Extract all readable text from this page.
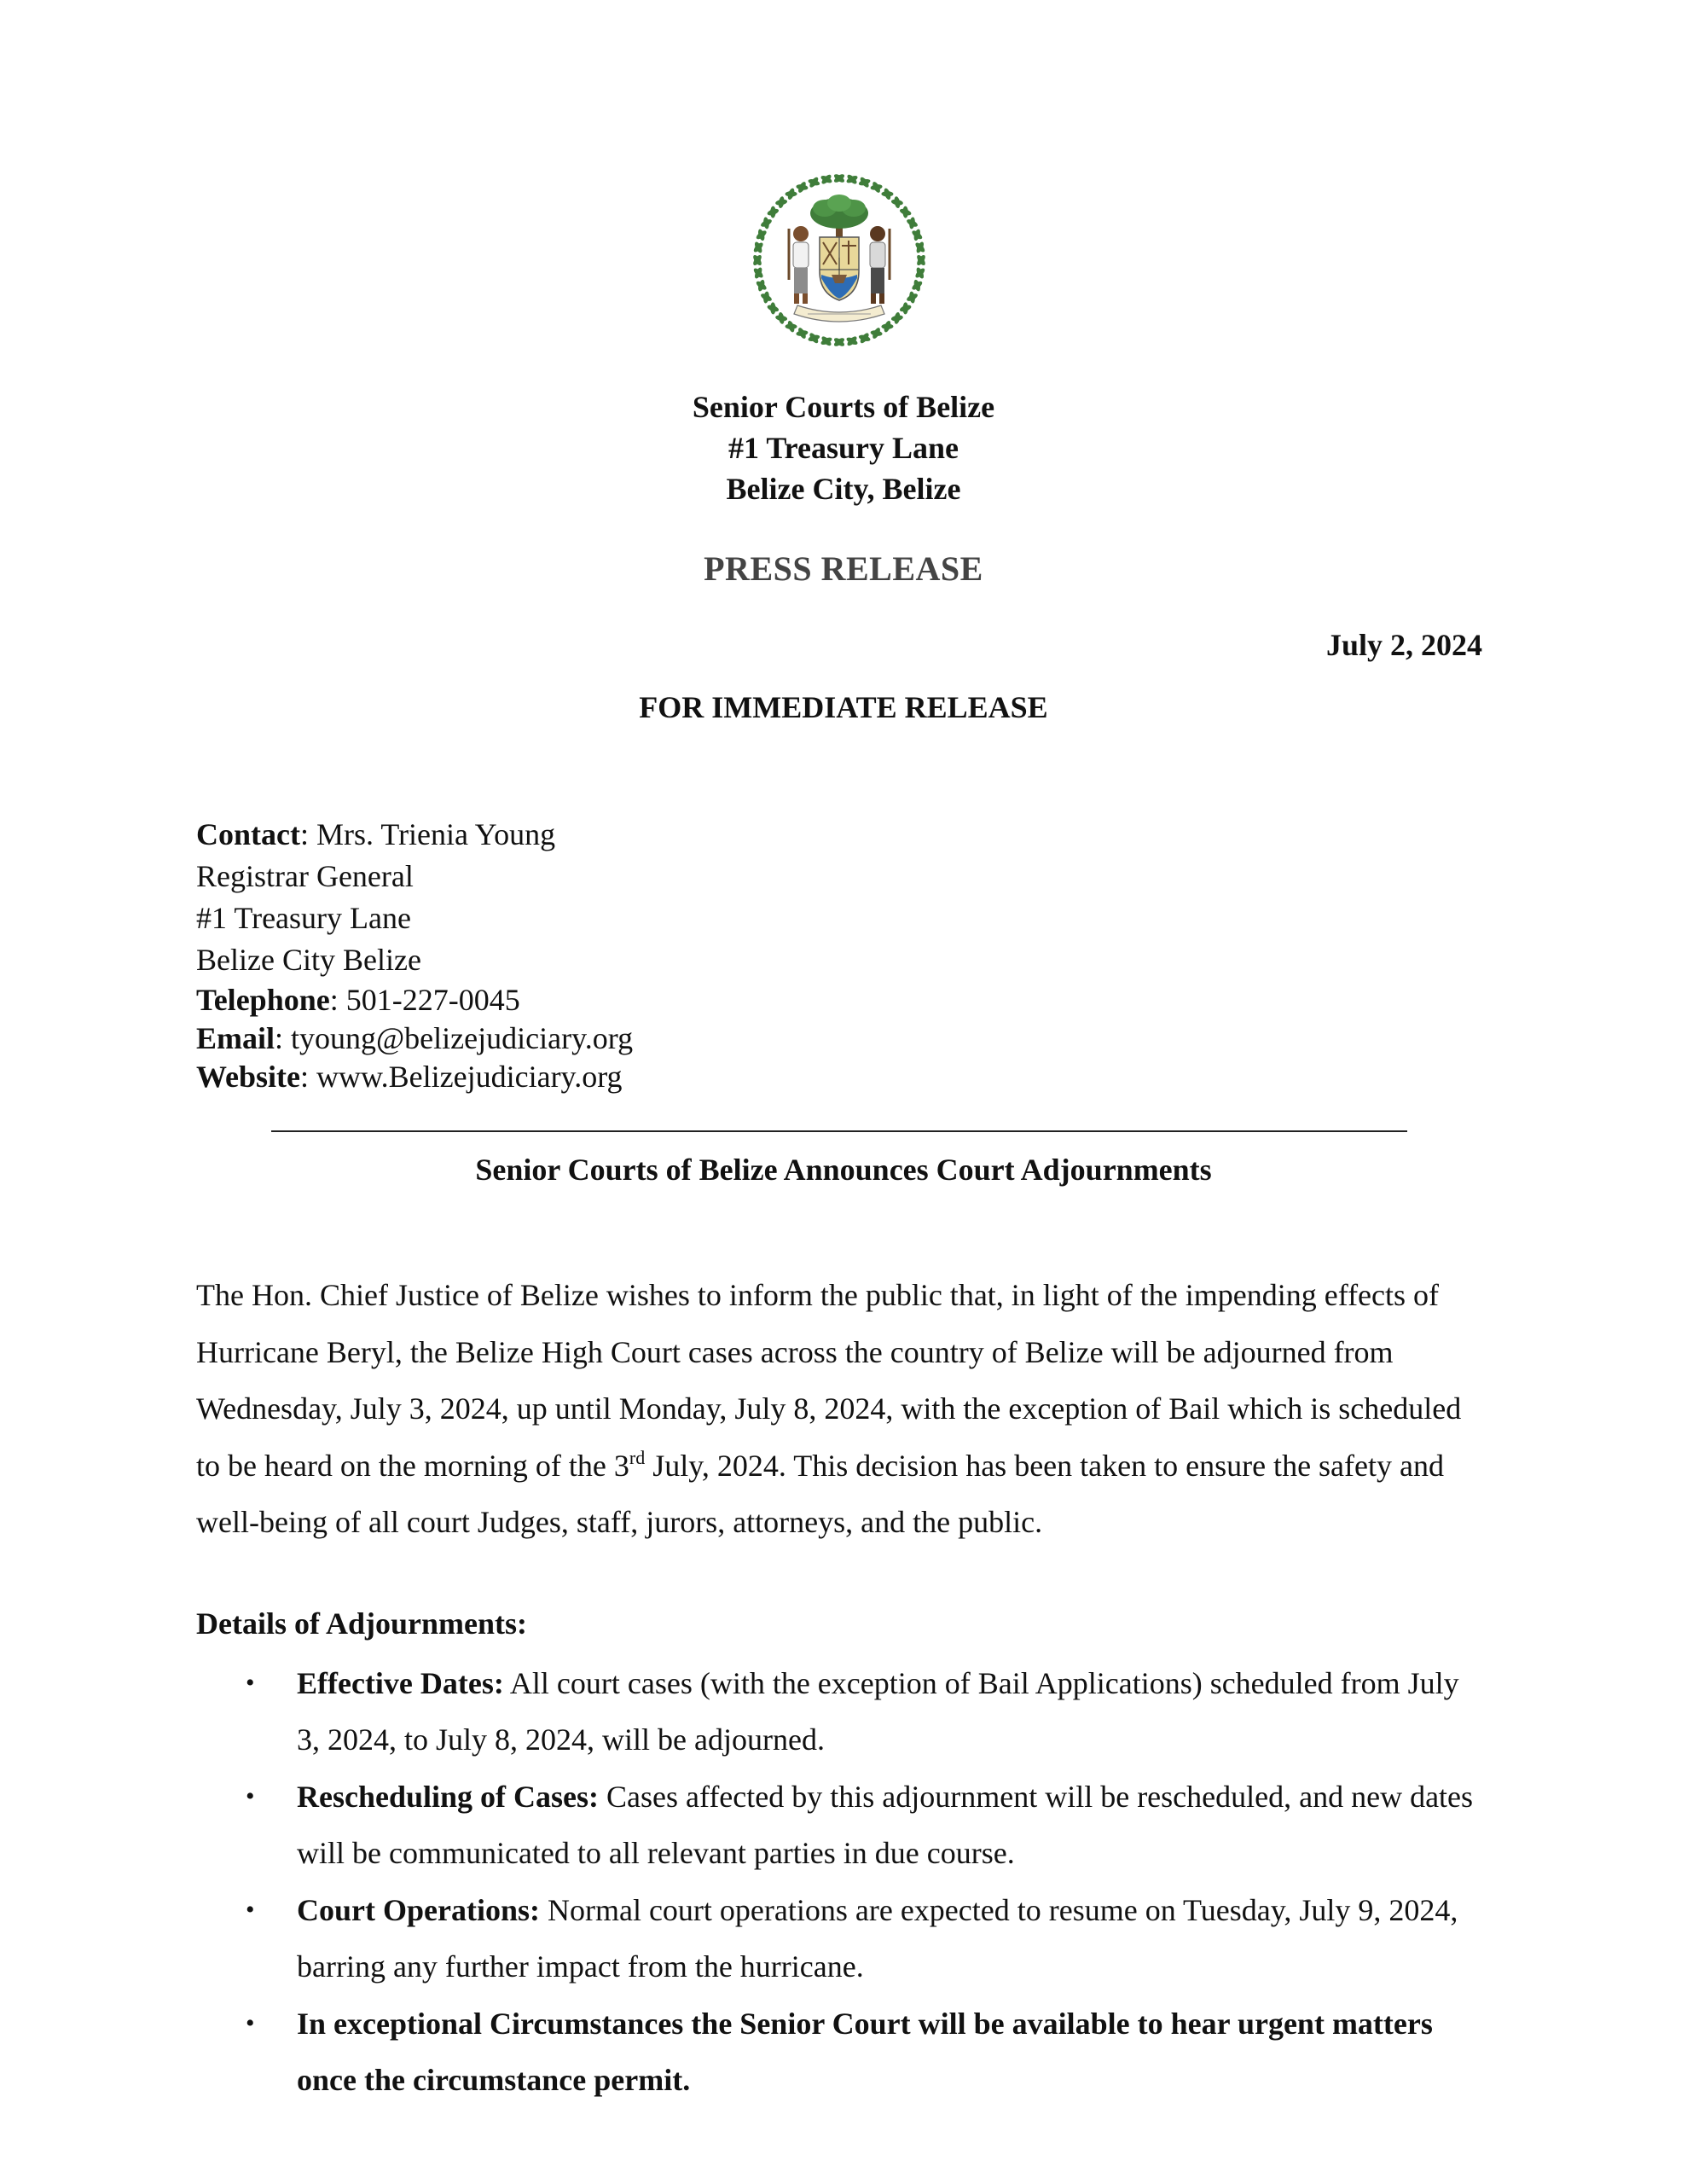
Senior Courts of Belize
#1 Treasury Lane
Belize City, Belize
PRESS RELEASE
July 2, 2024
FOR IMMEDIATE RELEASE
Contact: Mrs. Trienia Young
Registrar General
#1 Treasury Lane
Belize City Belize
Telephone: 501-227-0045
Email: tyoung@belizejudiciary.org
Website: www.Belizejudiciary.org
Senior Courts of Belize Announces Court Adjournments

The Hon. Chief Justice of Belize wishes to inform the public that, in light of the impending effects of Hurricane Beryl, the Belize High Court cases across the country of Belize will be adjourned from Wednesday, July 3, 2024, up until Monday, July 8, 2024, with the exception of Bail which is scheduled to be heard on the morning of the 3rd July, 2024. This decision has been taken to ensure the safety and well-being of all court Judges, staff, jurors, attorneys, and the public.

Details of Adjournments:
• Effective Dates: All court cases (with the exception of Bail Applications) scheduled from July 3, 2024, to July 8, 2024, will be adjourned.

• Rescheduling of Cases: Cases affected by this adjournment will be rescheduled, and new dates will be communicated to all relevant parties in due course.

• Court Operations: Normal court operations are expected to resume on Tuesday, July 9, 2024, barring any further impact from the hurricane.

• In exceptional Circumstances the Senior Court will be available to hear urgent matters once the circumstance permit.
